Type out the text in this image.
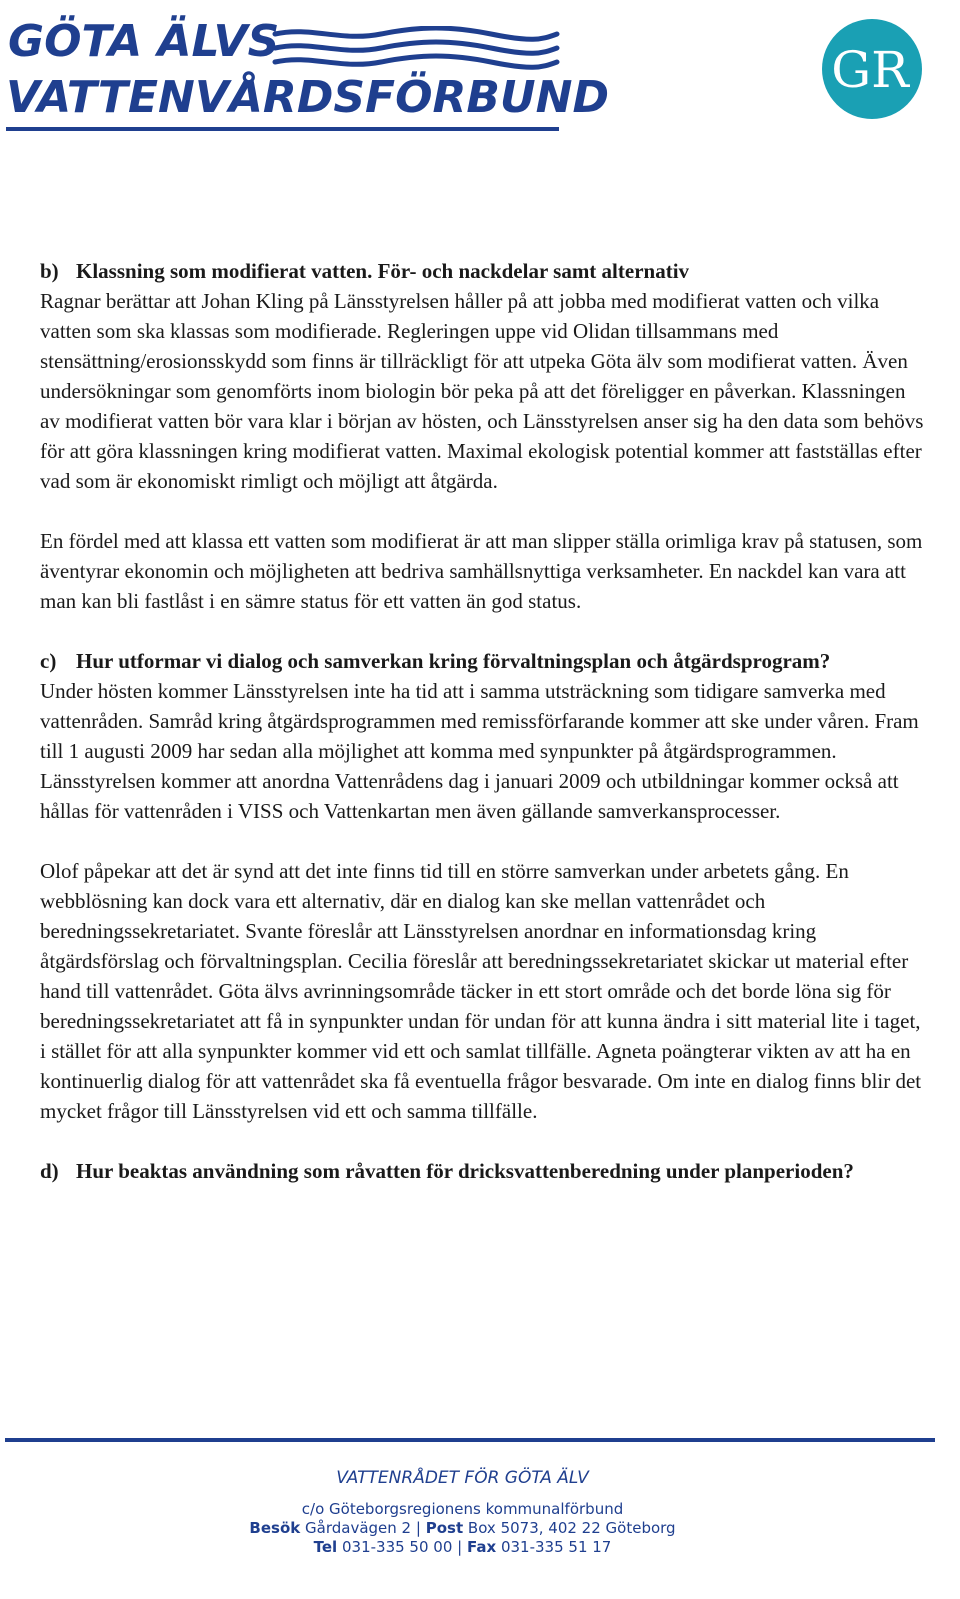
GÖTA ÄLVS
VATTENVÅRDSFÖRBUND	GR
b) Klassning som modifierat vatten. För- och nackdelar samt alternativ

Ragnar berättar att Johan Kling på Länsstyrelsen håller på att jobba med modifierat vatten och vilka vatten som ska klassas som modifierade. Regleringen uppe vid Olidan tillsammans med stensättning/erosionsskydd som finns är tillräckligt för att utpeka Göta älv som modifierat vatten. Även undersökningar som genomförts inom biologin bör peka på att det föreligger en påverkan. Klassningen av modifierat vatten bör vara klar i början av hösten, och Länsstyrelsen anser sig ha den data som behövs för att göra klassningen kring modifierat vatten. Maximal ekologisk potential kommer att fastställas efter vad som är ekonomiskt rimligt och möjligt att åtgärda.

En fördel med att klassa ett vatten som modifierat är att man slipper ställa orimliga krav på statusen, som äventyrar ekonomin och möjligheten att bedriva samhällsnyttiga verksamheter. En nackdel kan vara att man kan bli fastlåst i en sämre status för ett vatten än god status.

c) Hur utformar vi dialog och samverkan kring förvaltningsplan och åtgärdsprogram?

Under hösten kommer Länsstyrelsen inte ha tid att i samma utsträckning som tidigare samverka med vattenråden. Samråd kring åtgärdsprogrammen med remissförfarande kommer att ske under våren. Fram till 1 augusti 2009 har sedan alla möjlighet att komma med synpunkter på åtgärdsprogrammen. Länsstyrelsen kommer att anordna Vattenrådens dag i januari 2009 och utbildningar kommer också att hållas för vattenråden i VISS och Vattenkartan men även gällande samverkansprocesser.

Olof påpekar att det är synd att det inte finns tid till en större samverkan under arbetets gång. En webblösning kan dock vara ett alternativ, där en dialog kan ske mellan vattenrådet och beredningssekretariatet. Svante föreslår att Länsstyrelsen anordnar en informationsdag kring åtgärdsförslag och förvaltningsplan. Cecilia föreslår att beredningssekretariatet skickar ut material efter hand till vattenrådet. Göta älvs avrinningsområde täcker in ett stort område och det borde löna sig för beredningssekretariatet att få in synpunkter undan för undan för att kunna ändra i sitt material lite i taget, i stället för att alla synpunkter kommer vid ett och samlat tillfälle. Agneta poängterar vikten av att ha en kontinuerlig dialog för att vattenrådet ska få eventuella frågor besvarade. Om inte en dialog finns blir det mycket frågor till Länsstyrelsen vid ett och samma tillfälle.

d) Hur beaktas användning som råvatten för dricksvattenberedning under planperioden?
VATTENRÅDET FÖR GÖTA ÄLV
c/o Göteborgsregionens kommunalförbund
Besök Gårdavägen 2 | Post Box 5073, 402 22 Göteborg
Tel 031-335 50 00 | Fax 031-335 51 17
